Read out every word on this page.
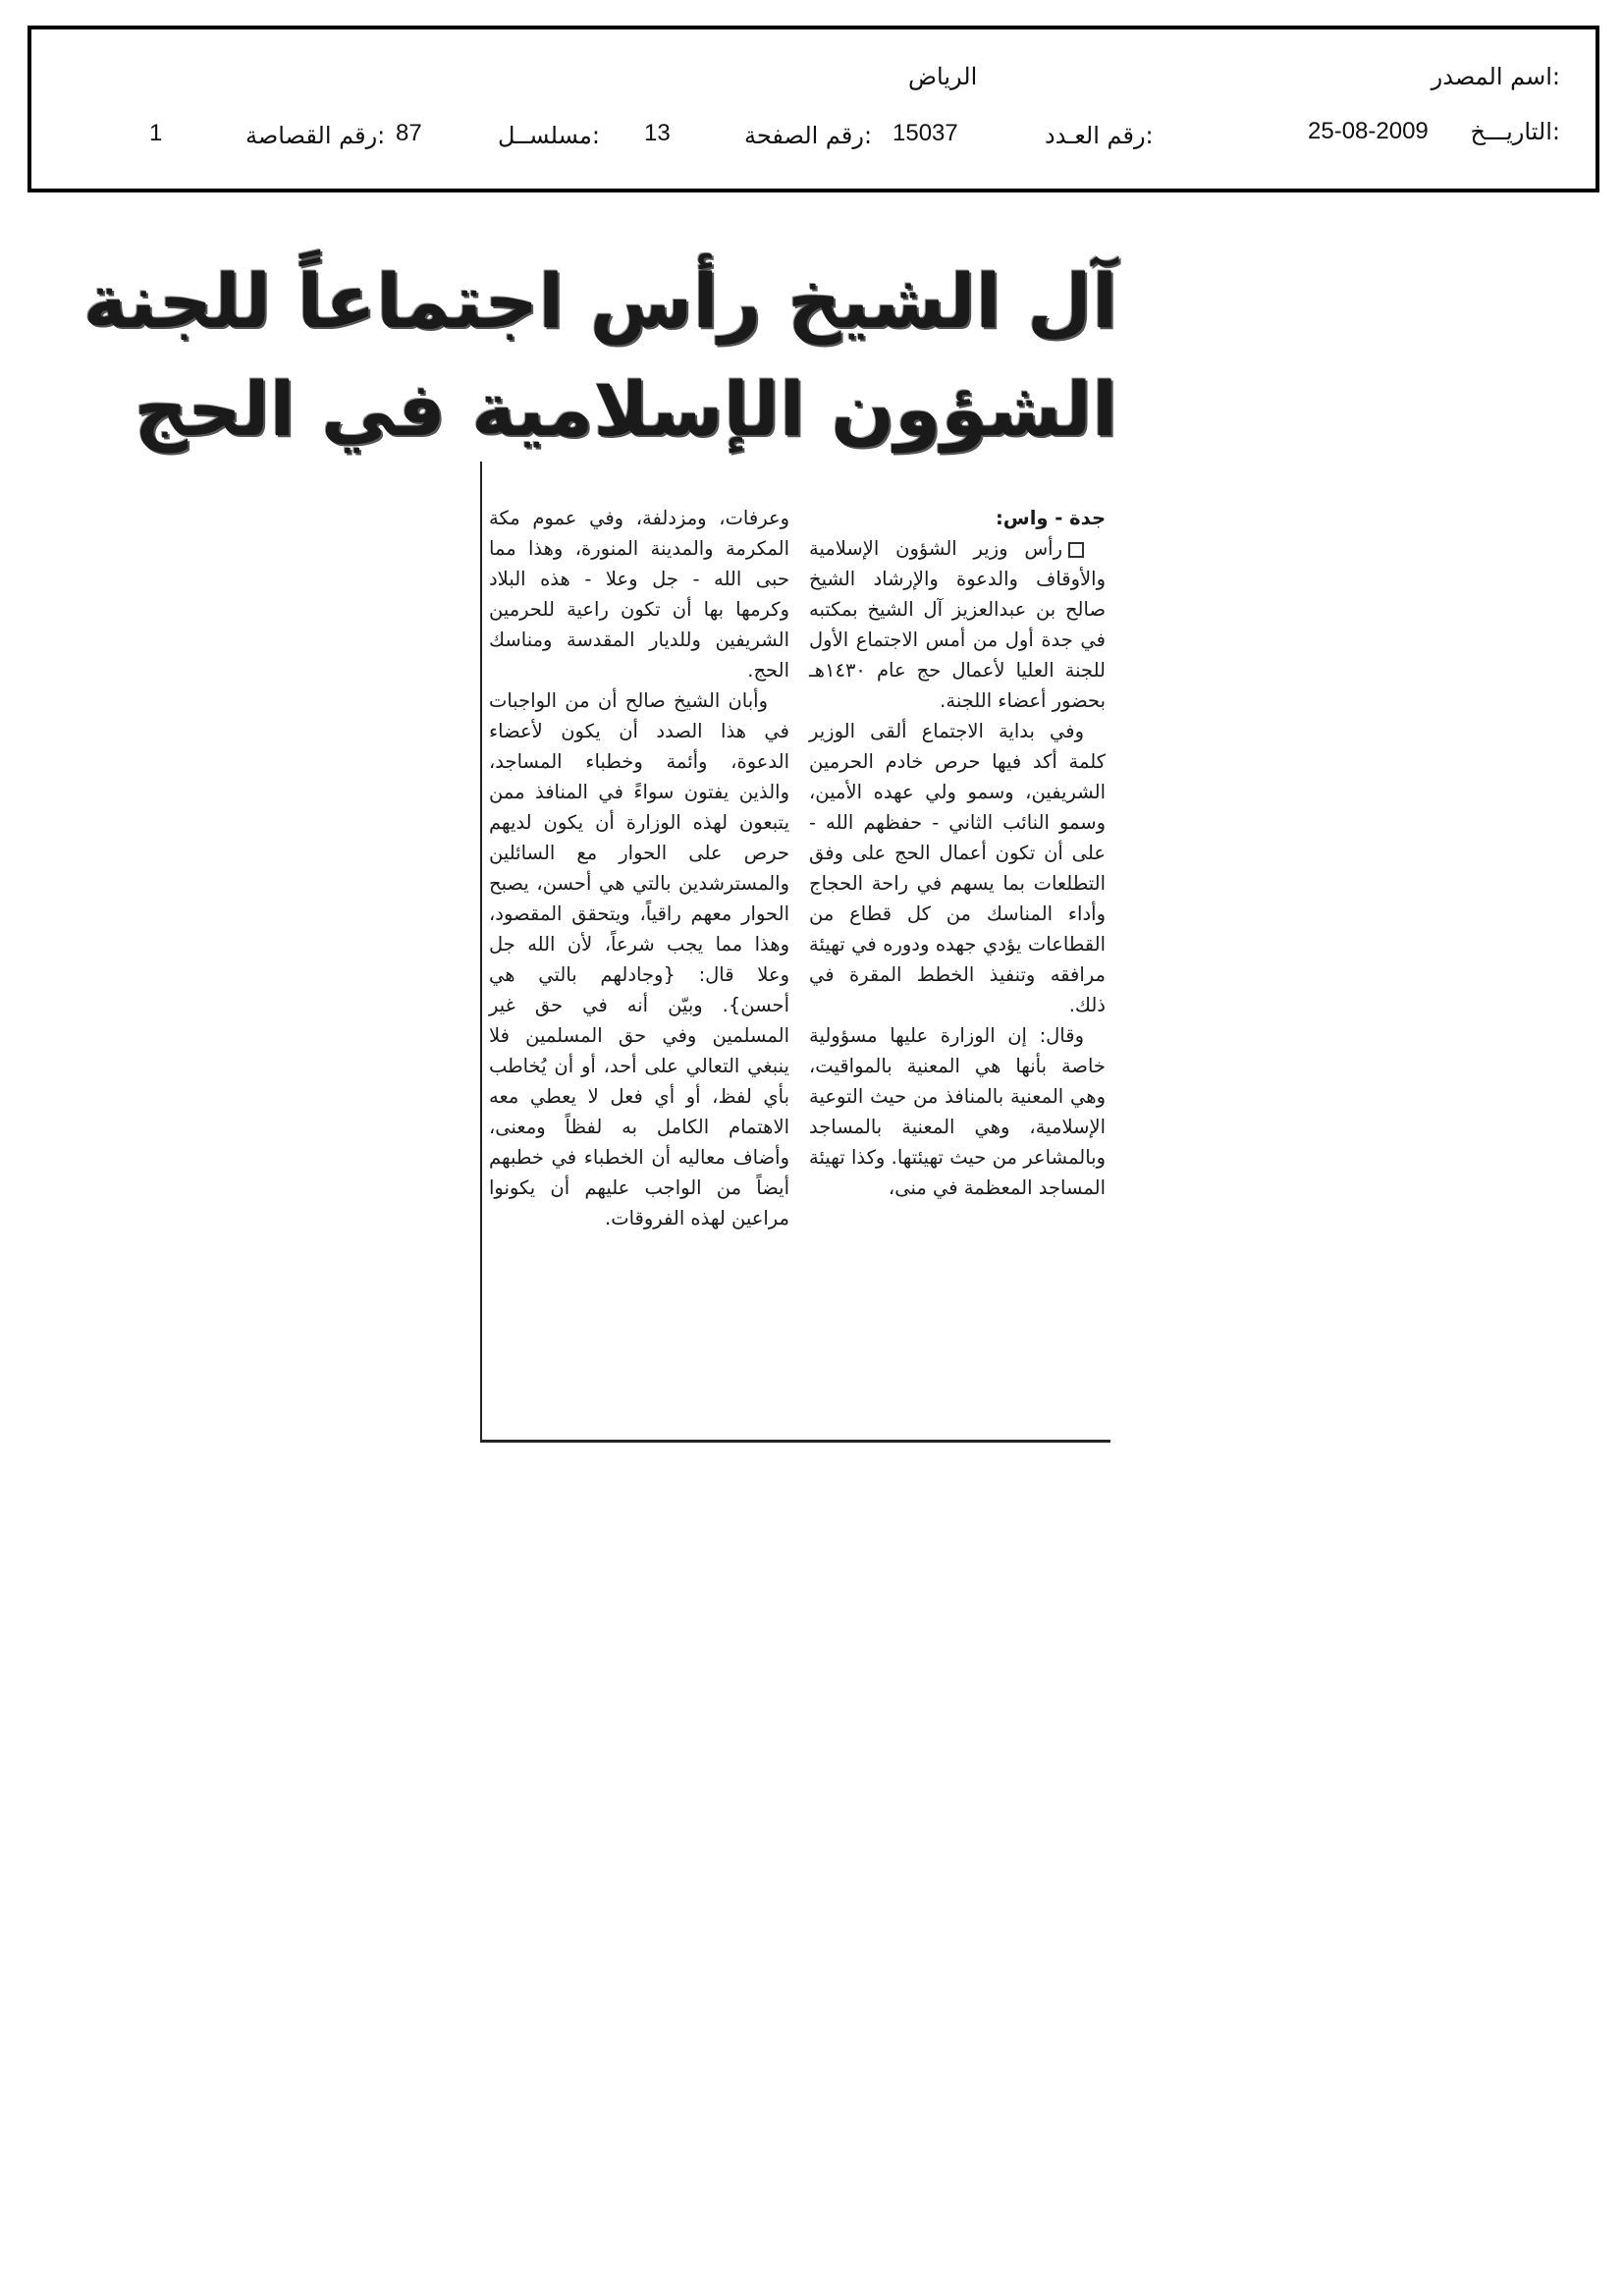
اسم المصدر:
الرياض
التاريـــخ:
25-08-2009
رقم العـدد:
15037
رقم الصفحة:
13
مسلســل:
87
رقم القصاصة:
1
آل الشيخ رأس اجتماعاً للجنة
الشؤون الإسلامية في الحج

جدة - واس:

رأس وزير الشؤون الإسلامية والأوقاف والدعوة والإرشاد الشيخ صالح بن عبدالعزيز آل الشيخ بمكتبه في جدة أول من أمس الاجتماع الأول للجنة العليا لأعمال حج عام ١٤٣٠هـ بحضور أعضاء اللجنة.

وفي بداية الاجتماع ألقى الوزير كلمة أكد فيها حرص خادم الحرمين الشريفين، وسمو ولي عهده الأمين، وسمو النائب الثاني - حفظهم الله - على أن تكون أعمال الحج على وفق التطلعات بما يسهم في راحة الحجاج وأداء المناسك من كل قطاع من القطاعات يؤدي جهده ودوره في تهيئة مرافقه وتنفيذ الخطط المقرة في ذلك.

وقال: إن الوزارة عليها مسؤولية خاصة بأنها هي المعنية بالمواقيت، وهي المعنية بالمنافذ من حيث التوعية الإسلامية، وهي المعنية بالمساجد وبالمشاعر من حيث تهيئتها. وكذا تهيئة المساجد المعظمة في منى،

وعرفات، ومزدلفة، وفي عموم مكة المكرمة والمدينة المنورة، وهذا مما حبى الله - جل وعلا - هذه البلاد وكرمها بها أن تكون راعية للحرمين الشريفين وللديار المقدسة ومناسك الحج.

وأبان الشيخ صالح أن من الواجبات في هذا الصدد أن يكون لأعضاء الدعوة، وأئمة وخطباء المساجد، والذين يفتون سواءً في المنافذ ممن يتبعون لهذه الوزارة أن يكون لديهم حرص على الحوار مع السائلين والمسترشدين بالتي هي أحسن، يصبح الحوار معهم راقياً، ويتحقق المقصود، وهذا مما يجب شرعاً، لأن الله جل وعلا قال: {وجادلهم بالتي هي أحسن}. وبيّن أنه في حق غير المسلمين وفي حق المسلمين فلا ينبغي التعالي على أحد، أو أن يُخاطب بأي لفظ، أو أي فعل لا يعطي معه الاهتمام الكامل به لفظاً ومعنى، وأضاف معاليه أن الخطباء في خطبهم أيضاً من الواجب عليهم أن يكونوا مراعين لهذه الفروقات.
